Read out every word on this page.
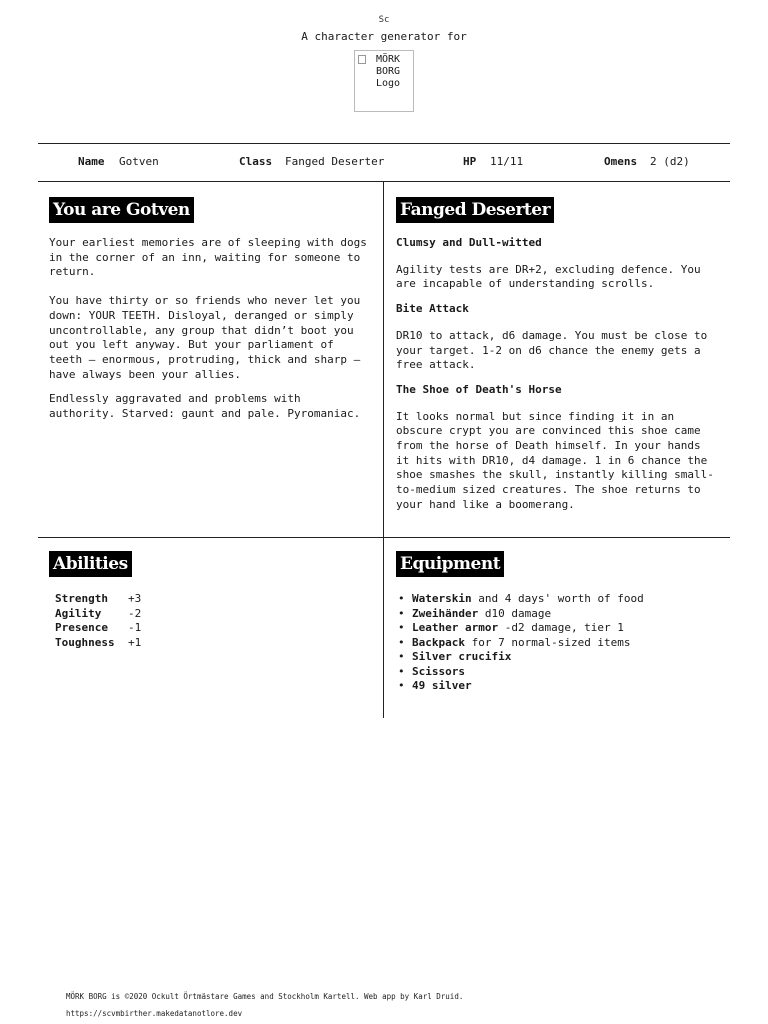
Sc
A character generator for
MÖRK BORG Logo
Name Gotven	Class Fanged Deserter	HP 11/11	Omens 2 (d2)
You are Gotven

Your earliest memories are of sleeping with dogs in the corner of an inn, waiting for someone to return.

You have thirty or so friends who never let you down: YOUR TEETH. Disloyal, deranged or simply uncontrollable, any group that didn’t boot you out you left anyway. But your parliament of teeth — enormous, protruding, thick and sharp — have always been your allies.

Endlessly aggravated and problems with authority. Starved: gaunt and pale. Pyromaniac.

Fanged Deserter

Clumsy and Dull-witted

Agility tests are DR+2, excluding defence. You are incapable of understanding scrolls.

Bite Attack

DR10 to attack, d6 damage. You must be close to your target. 1-2 on d6 chance the enemy gets a free attack.

The Shoe of Death's Horse

It looks normal but since finding it in an obscure crypt you are convinced this shoe came from the horse of Death himself. In your hands it hits with DR10, d4 damage. 1 in 6 chance the shoe smashes the skull, instantly killing small-to-medium sized creatures. The shoe returns to your hand like a boomerang.

Abilities
Strength	+3
Agility	-2
Presence	-1
Toughness	+1
Equipment
• Waterskin and 4 days' worth of food
• Zweihänder d10 damage
• Leather armor -d2 damage, tier 1
• Backpack for 7 normal-sized items
• Silver crucifix
• Scissors
• 49 silver
MÖRK BORG is ©2020 Ockult Örtmästare Games and Stockholm Kartell. Web app by Karl Druid.
https://scvmbirther.makedatanotlore.dev
